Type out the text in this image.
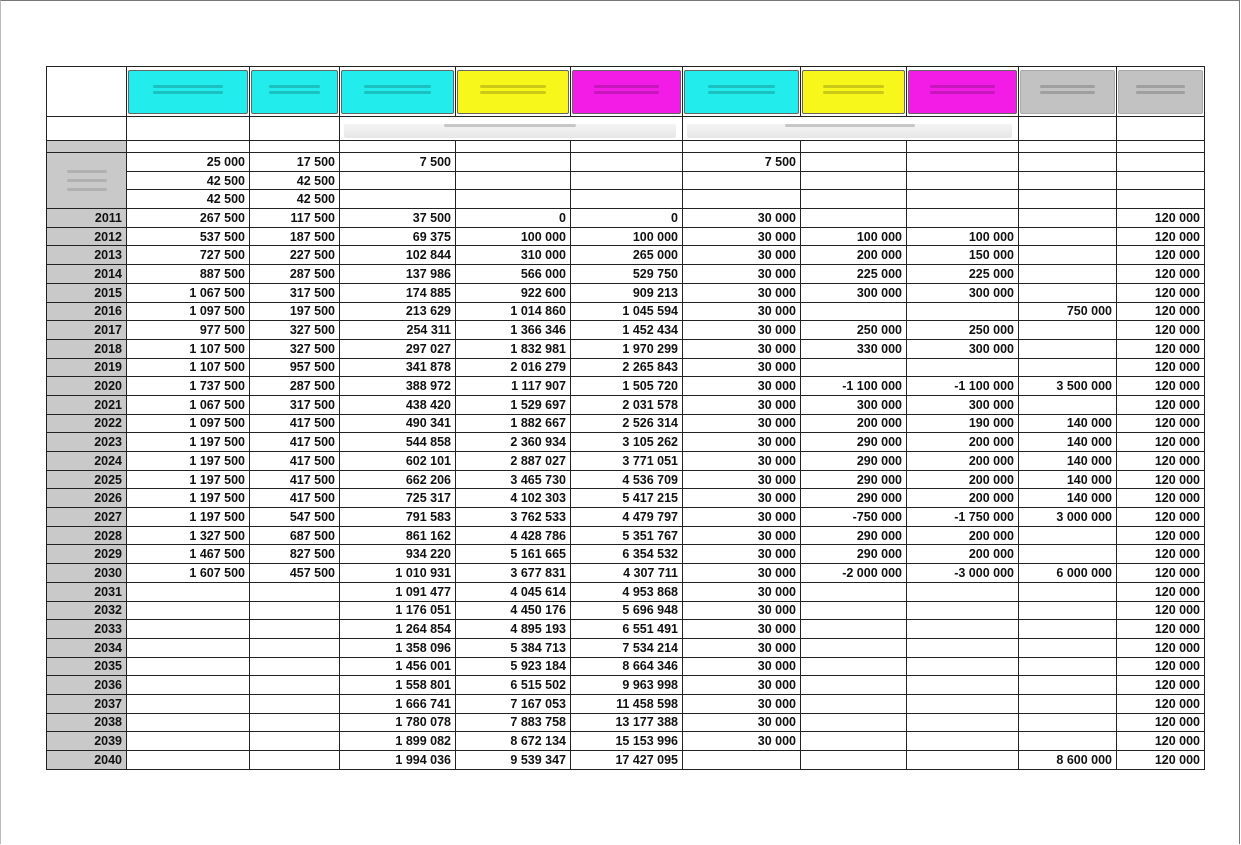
	25 000	17 500	7 500			7 500				
	42 500	42 500								
	42 500	42 500								
2011	267 500	117 500	37 500	0	0	30 000				120 000
2012	537 500	187 500	69 375	100 000	100 000	30 000	100 000	100 000		120 000
2013	727 500	227 500	102 844	310 000	265 000	30 000	200 000	150 000		120 000
2014	887 500	287 500	137 986	566 000	529 750	30 000	225 000	225 000		120 000
2015	1 067 500	317 500	174 885	922 600	909 213	30 000	300 000	300 000		120 000
2016	1 097 500	197 500	213 629	1 014 860	1 045 594	30 000			750 000	120 000
2017	977 500	327 500	254 311	1 366 346	1 452 434	30 000	250 000	250 000		120 000
2018	1 107 500	327 500	297 027	1 832 981	1 970 299	30 000	330 000	300 000		120 000
2019	1 107 500	957 500	341 878	2 016 279	2 265 843	30 000				120 000
2020	1 737 500	287 500	388 972	1 117 907	1 505 720	30 000	-1 100 000	-1 100 000	3 500 000	120 000
2021	1 067 500	317 500	438 420	1 529 697	2 031 578	30 000	300 000	300 000		120 000
2022	1 097 500	417 500	490 341	1 882 667	2 526 314	30 000	200 000	190 000	140 000	120 000
2023	1 197 500	417 500	544 858	2 360 934	3 105 262	30 000	290 000	200 000	140 000	120 000
2024	1 197 500	417 500	602 101	2 887 027	3 771 051	30 000	290 000	200 000	140 000	120 000
2025	1 197 500	417 500	662 206	3 465 730	4 536 709	30 000	290 000	200 000	140 000	120 000
2026	1 197 500	417 500	725 317	4 102 303	5 417 215	30 000	290 000	200 000	140 000	120 000
2027	1 197 500	547 500	791 583	3 762 533	4 479 797	30 000	-750 000	-1 750 000	3 000 000	120 000
2028	1 327 500	687 500	861 162	4 428 786	5 351 767	30 000	290 000	200 000		120 000
2029	1 467 500	827 500	934 220	5 161 665	6 354 532	30 000	290 000	200 000		120 000
2030	1 607 500	457 500	1 010 931	3 677 831	4 307 711	30 000	-2 000 000	-3 000 000	6 000 000	120 000
2031			1 091 477	4 045 614	4 953 868	30 000				120 000
2032			1 176 051	4 450 176	5 696 948	30 000				120 000
2033			1 264 854	4 895 193	6 551 491	30 000				120 000
2034			1 358 096	5 384 713	7 534 214	30 000				120 000
2035			1 456 001	5 923 184	8 664 346	30 000				120 000
2036			1 558 801	6 515 502	9 963 998	30 000				120 000
2037			1 666 741	7 167 053	11 458 598	30 000				120 000
2038			1 780 078	7 883 758	13 177 388	30 000				120 000
2039			1 899 082	8 672 134	15 153 996	30 000				120 000
2040			1 994 036	9 539 347	17 427 095				8 600 000	120 000
